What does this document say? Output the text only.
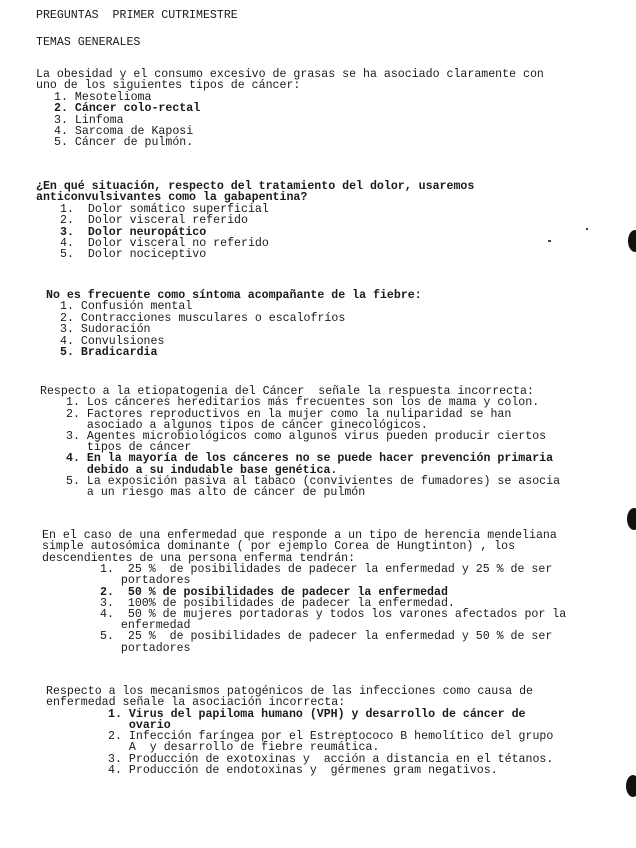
PREGUNTAS  PRIMER CUTRIMESTRE
TEMAS GENERALES
La obesidad y el consumo excesivo de grasas se ha asociado claramente con
uno de los siguientes tipos de cáncer:
1. Mesotelioma
2. Cáncer colo-rectal
3. Linfoma
4. Sarcoma de Kaposi
5. Cáncer de pulmón.
¿En qué situación, respecto del tratamiento del dolor, usaremos
anticonvulsivantes como la gabapentina?
1. Dolor somático superficial
2. Dolor visceral referido
3. Dolor neuropático
4. Dolor visceral no referido
5. Dolor nociceptivo
No es frecuente como síntoma acompañante de la fiebre:
1. Confusión mental
2. Contracciones musculares o escalofríos
3. Sudoración
4. Convulsiones
5. Bradicardia
Respecto a la etiopatogenia del Cáncer  señale la respuesta incorrecta:
1. Los cánceres hereditarios más frecuentes son los de mama y colon.
2. Factores reproductivos en la mujer como la nuliparidad se han
asociado a algunos tipos de cáncer ginecológicos.
3. Agentes microbiológicos como algunos virus pueden producir ciertos
tipos de cáncer
4. En la mayoría de los cánceres no se puede hacer prevención primaria
debido a su indudable base genética.
5. La exposición pasiva al tabaco (convivientes de fumadores) se asocia
a un riesgo mas alto de cáncer de pulmón
En el caso de una enfermedad que responde a un tipo de herencia mendeliana
simple autosómica dominante ( por ejemplo Corea de Hungtinton) , los
descendientes de una persona enferma tendrán:
1. 25 %  de posibilidades de padecer la enfermedad y 25 % de ser
portadores
2. 50 % de posibilidades de padecer la enfermedad
3. 100% de posibilidades de padecer la enfermedad.
4. 50 % de mujeres portadoras y todos los varones afectados por la
enfermedad
5. 25 %  de posibilidades de padecer la enfermedad y 50 % de ser
portadores
Respecto a los mecanismos patogénicos de las infecciones como causa de
enfermedad señale la asociación incorrecta:
1. Virus del papiloma humano (VPH) y desarrollo de cáncer de
ovario
2. Infección faríngea por el Estreptococo B hemolítico del grupo
A  y desarrollo de fiebre reumática.
3. Producción de exotoxinas y  acción a distancia en el tétanos.
4. Producción de endotoxinas y  gérmenes gram negativos.
